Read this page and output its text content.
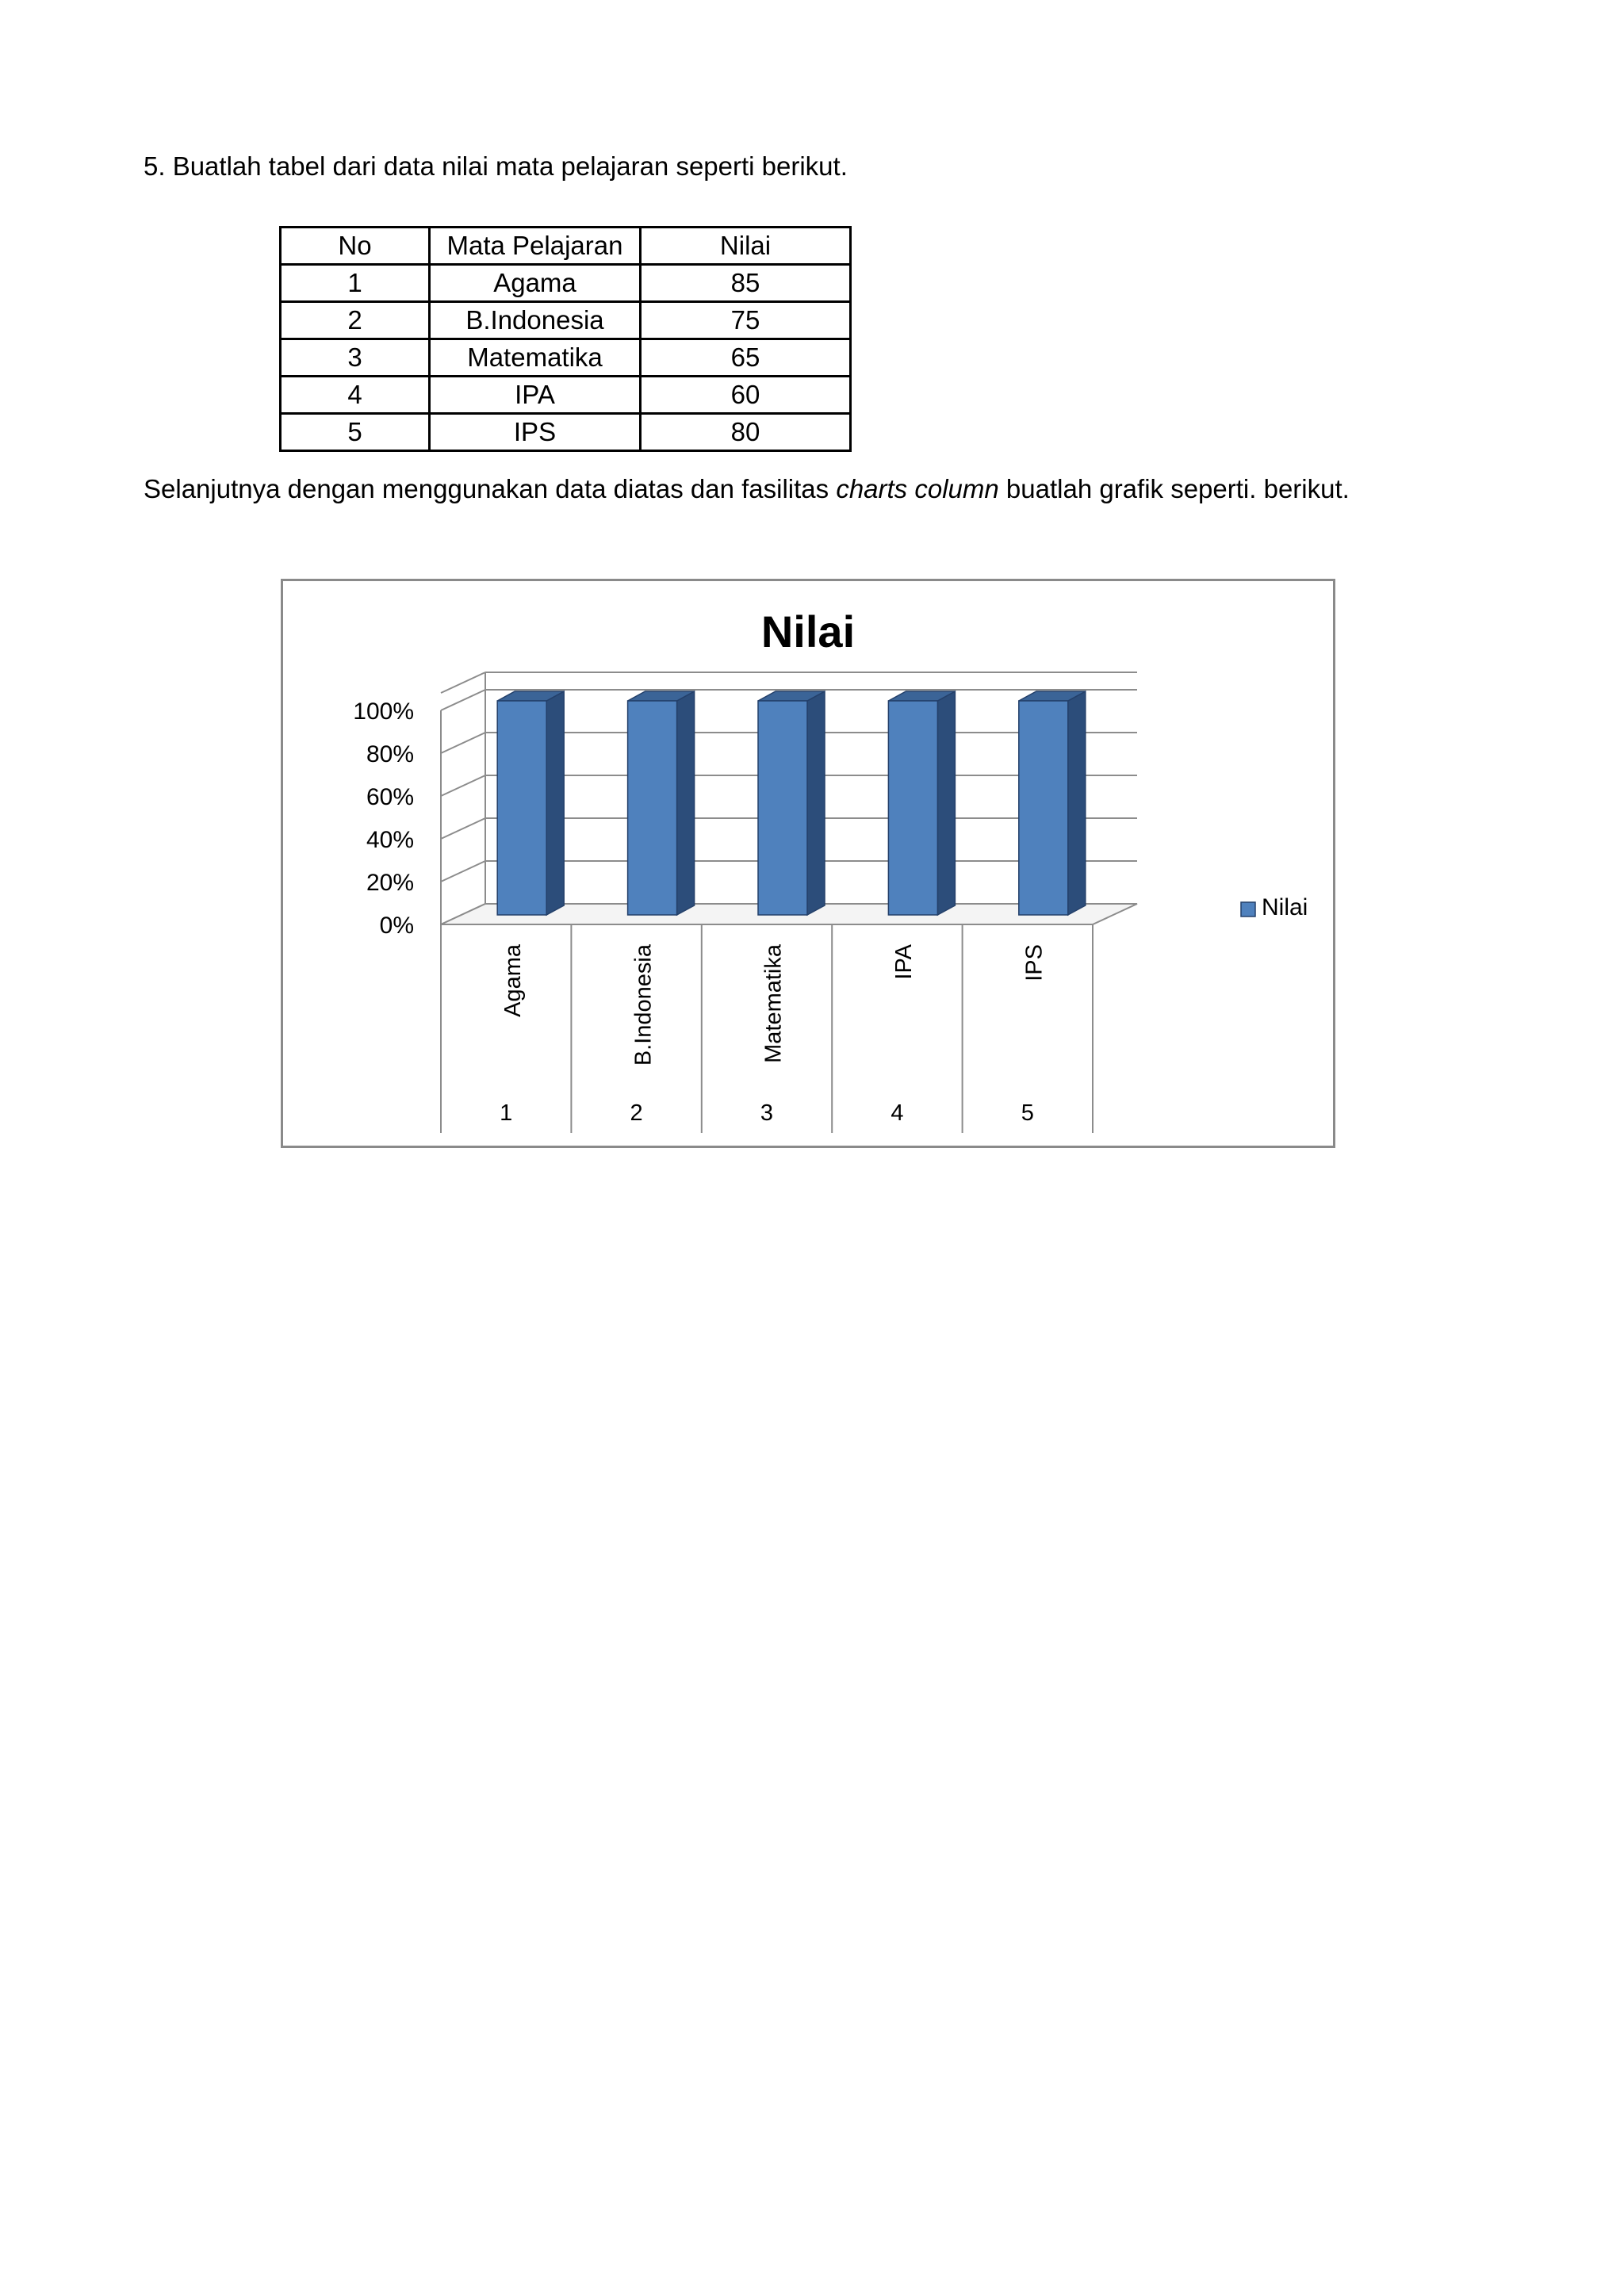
5. Buatlah tabel dari data nilai mata pelajaran seperti berikut.
No	Mata Pelajaran	Nilai
1	Agama	85
2	B.Indonesia	75
3	Matematika	65
4	IPA	60
5	IPS	80
Selanjutnya dengan menggunakan data diatas dan fasilitas charts column buatlah grafik seperti. berikut.
Nilai
0%
20%
40%
60%
80%
100%
Agama
1
B.Indonesia
2
Matematika
3
IPA
4
IPS
5
Nilai
